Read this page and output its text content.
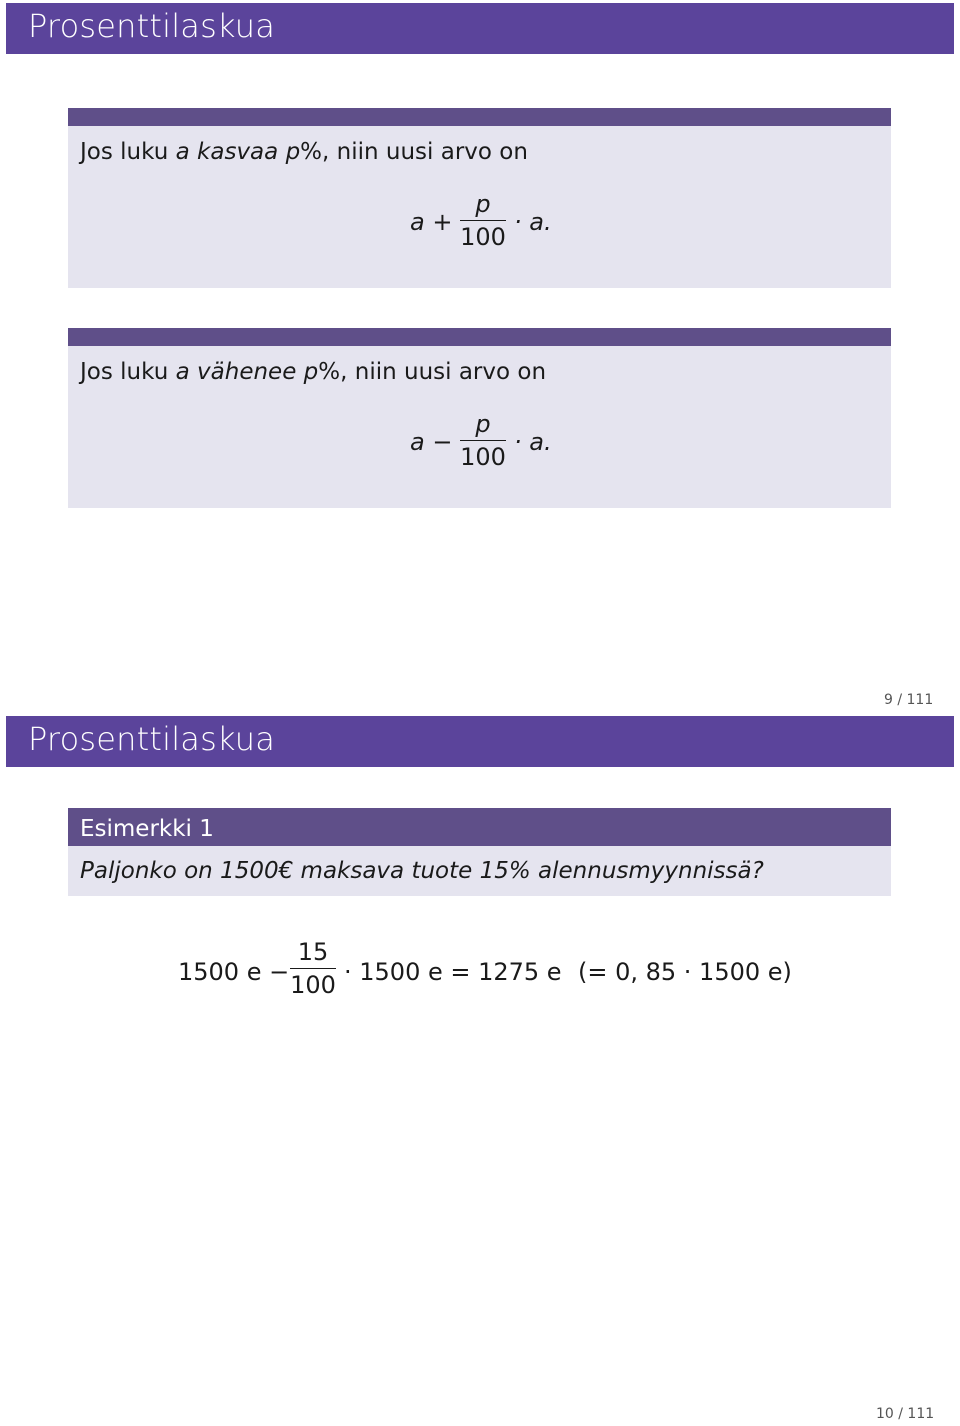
Prosenttilaskua
Jos luku a kasvaa p%, niin uusi arvo on
a +
p
100
· a.
Jos luku a vähenee p%, niin uusi arvo on
a −
p
100
· a.
9 / 111
Prosenttilaskua
Esimerkki 1
Paljonko on 1500€ maksava tuote 15% alennusmyynnissä?
1500 e −
15
100 · 1500 e = 1275 e (= 0, 85 · 1500 e)
10 / 111
